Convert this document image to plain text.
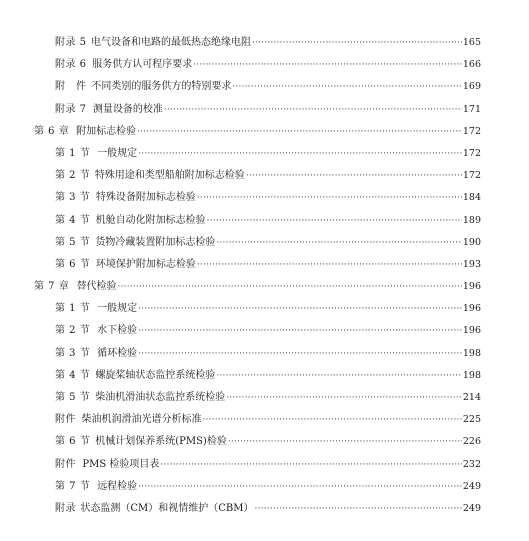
附录 5 电气设备和电路的最低热态绝缘电阻 ·····	165
附录 6 服务供方认可程序要求 ·····	166
附　件 不同类别的服务供方的特别要求 ·····	169
附录 7 测量设备的校准 ·····	171
第 6 章 附加标志检验 ·····	172
第 1 节 一般规定 ·····	172
第 2 节 特殊用途和类型船舶附加标志检验 ·····	172
第 3 节 特殊设备附加标志检验 ·····	184
第 4 节 机舱自动化附加标志检验 ·····	189
第 5 节 货物冷藏装置附加标志检验 ·····	190
第 6 节 环境保护附加标志检验 ·····	193
第 7 章 替代检验 ·····	196
第 1 节 一般规定 ·····	196
第 2 节 水下检验 ·····	196
第 3 节 循环检验 ·····	198
第 4 节 螺旋桨轴状态监控系统检验 ·····	198
第 5 节 柴油机滑油状态监控系统检验 ·····	214
附件 柴油机润滑油光谱分析标准 ·····	225
第 6 节 机械计划保养系统(PMS)检验 ·····	226
附件 PMS 检验项目表 ·····	232
第 7 节 远程检验 ·····	249
附录 状态监测（CM）和视情维护（CBM） ·····	249
